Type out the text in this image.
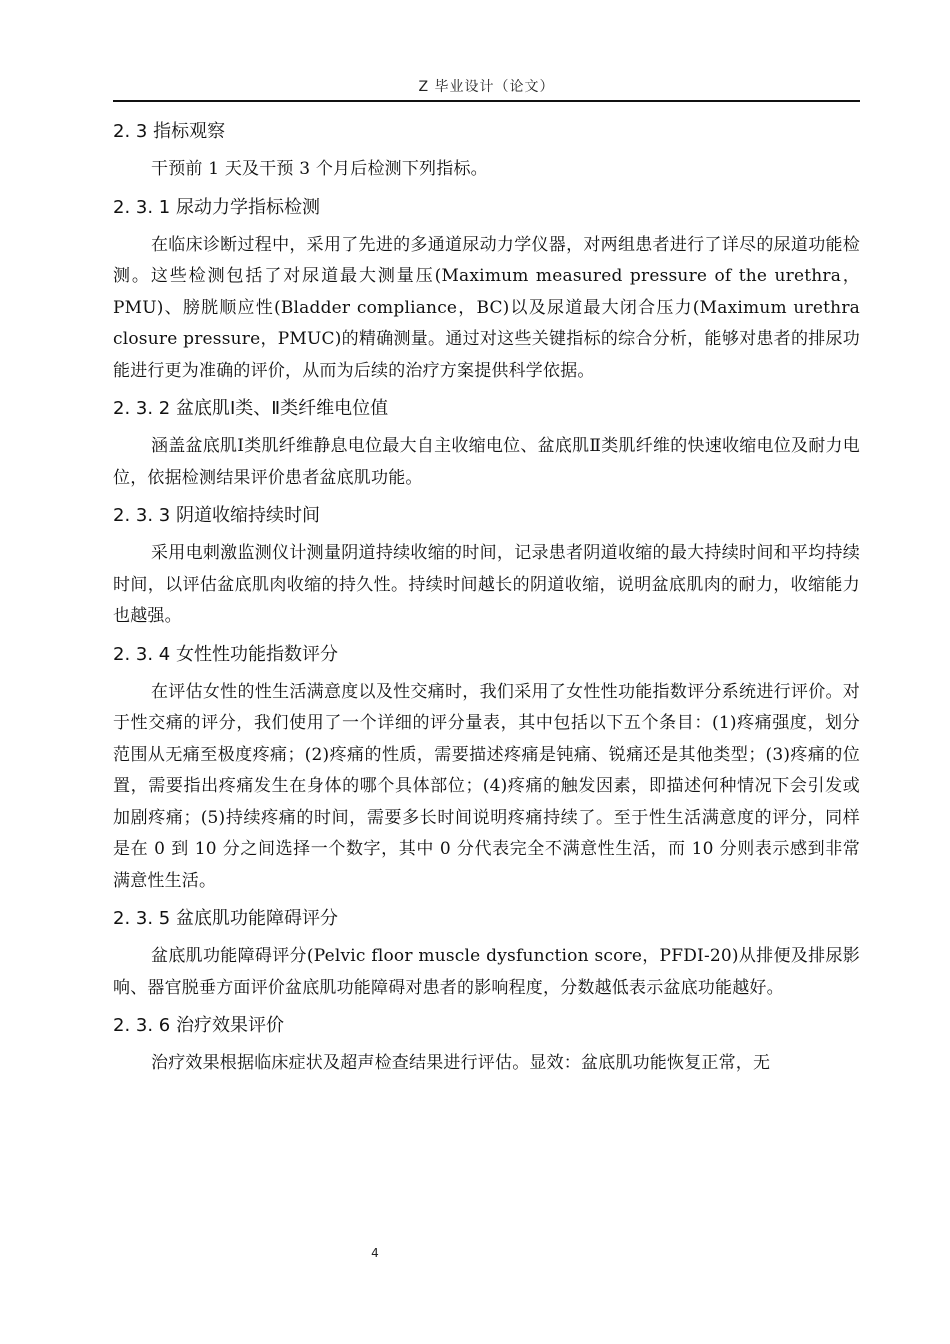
Z 毕业设计（论文）
2. 3 指标观察

干预前 1 天及干预 3 个月后检测下列指标。

2. 3. 1 尿动力学指标检测

在临床诊断过程中，采用了先进的多通道尿动力学仪器，对两组患者进行了详尽的尿道功能检测。这些检测包括了对尿道最大测量压(Maximum measured pressure of the urethra，PMU)、膀胱顺应性(Bladder compliance，BC)以及尿道最大闭合压力(Maximum urethra closure pressure，PMUC)的精确测量。通过对这些关键指标的综合分析，能够对患者的排尿功能进行更为准确的评价，从而为后续的治疗方案提供科学依据。

2. 3. 2 盆底肌Ⅰ类、Ⅱ类纤维电位值

涵盖盆底肌Ⅰ类肌纤维静息电位最大自主收缩电位、盆底肌Ⅱ类肌纤维的快速收缩电位及耐力电位，依据检测结果评价患者盆底肌功能。

2. 3. 3 阴道收缩持续时间

采用电刺激监测仪计测量阴道持续收缩的时间，记录患者阴道收缩的最大持续时间和平均持续时间，以评估盆底肌肉收缩的持久性。持续时间越长的阴道收缩，说明盆底肌肉的耐力，收缩能力也越强。

2. 3. 4 女性性功能指数评分

在评估女性的性生活满意度以及性交痛时，我们采用了女性性功能指数评分系统进行评价。对于性交痛的评分，我们使用了一个详细的评分量表，其中包括以下五个条目：(1)疼痛强度，划分范围从无痛至极度疼痛；(2)疼痛的性质，需要描述疼痛是钝痛、锐痛还是其他类型；(3)疼痛的位置，需要指出疼痛发生在身体的哪个具体部位；(4)疼痛的触发因素，即描述何种情况下会引发或加剧疼痛；(5)持续疼痛的时间，需要多长时间说明疼痛持续了。至于性生活满意度的评分，同样是在 0 到 10 分之间选择一个数字，其中 0 分代表完全不满意性生活，而 10 分则表示感到非常满意性生活。

2. 3. 5 盆底肌功能障碍评分

盆底肌功能障碍评分(Pelvic floor muscle dysfunction score，PFDI-20)从排便及排尿影响、器官脱垂方面评价盆底肌功能障碍对患者的影响程度，分数越低表示盆底功能越好。

2. 3. 6 治疗效果评价

治疗效果根据临床症状及超声检查结果进行评估。显效：盆底肌功能恢复正常，无

4
